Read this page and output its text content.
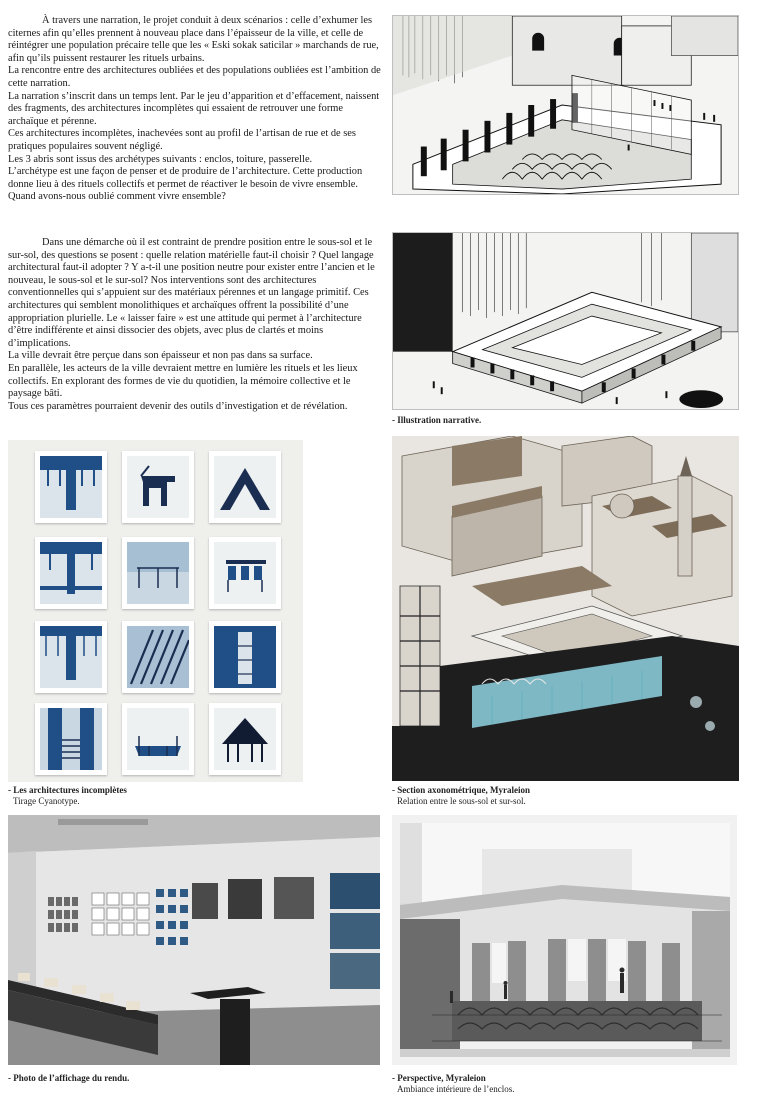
À travers une narration, le projet conduit à deux scénarios : celle d’exhumer les citernes afin qu’elles prennent à nouveau place dans l’épaisseur de la ville, et celle de réintégrer une population précaire telle que les « Eski sokak saticilar » marchands de rue, afin qu’ils puissent restaurer les rituels urbains.

La rencontre entre des architectures oubliées et des populations oubliées est l’ambition de cette narration.

La narration s’inscrit dans un temps lent. Par le jeu d’apparition et d’effacement, naissent des fragments, des architectures incomplètes qui essaient de retrouver une forme archaïque et pérenne.

Ces architectures incomplètes, inachevées sont au profil de l’artisan de rue et de ses pratiques populaires souvent négligé.

Les 3 abris sont issus des archétypes suivants : enclos, toiture, passerelle.

L’archétype est une façon de penser et de produire de l’architecture. Cette production donne lieu à des rituels collectifs et permet de réactiver le besoin de vivre ensemble. Quand avons-nous oublié comment vivre ensemble?

Dans une démarche où il est contraint de prendre position entre le sous-sol et le sur-sol, des questions se posent : quelle relation matérielle faut-il choisir ? Quel langage architectural faut-il adopter ? Y a-t-il une position neutre pour exister entre l’ancien et le nouveau, le sous-sol et le sur-sol? Nos interventions sont des architectures conventionnelles qui s’appuient sur des matériaux pérennes et un langage primitif. Ces architectures qui semblent monolithiques et archaïques offrent la possibilité d’une appropriation plurielle. Le « laisser faire » est une attitude qui permet à l’architecture d’être indifférente et ainsi dissocier des objets, avec plus de clartés et moins d’implications.

La ville devrait être perçue dans son épaisseur et non pas dans sa surface.

En parallèle, les acteurs de la ville devraient mettre en lumière les rituels et les lieux collectifs. En explorant des formes de vie du quotidien, la mémoire collective et le paysage bâti.

Tous ces paramètres pourraient devenir des outils d’investigation et de révélation.

- Illustration narrative.
- Les architectures incomplètes
Tirage Cyanotype.
- Section axonométrique, Myraleion
Relation entre le sous-sol et sur-sol.
- Photo de l’affichage du rendu.	- Perspective, Myraleion
Ambiance intérieure de l’enclos.
